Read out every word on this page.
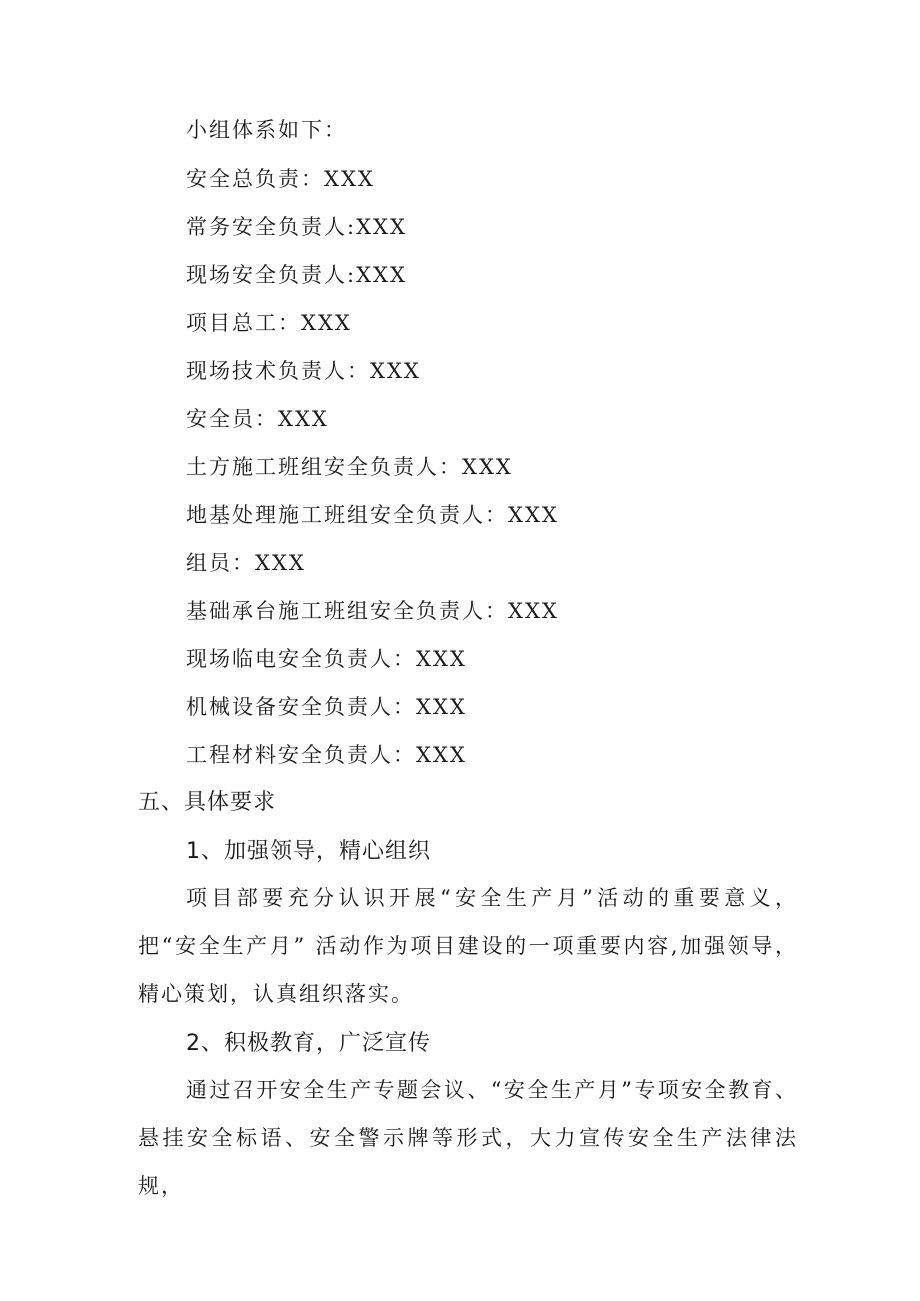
小组体系如下：
安全总负责：XXX
常务安全负责人:XXX
现场安全负责人:XXX
项目总工：XXX
现场技术负责人：XXX
安全员：XXX
土方施工班组安全负责人：XXX
地基处理施工班组安全负责人：XXX
组员：XXX
基础承台施工班组安全负责人：XXX
现场临电安全负责人：XXX
机械设备安全负责人：XXX
工程材料安全负责人：XXX
五、具体要求
1、加强领导，精心组织

项目部要充分认识开展“安全生产月”活动的重要意义，把“安全生产月” 活动作为项目建设的一项重要内容,加强领导，精心策划，认真组织落实。

2、积极教育，广泛宣传

通过召开安全生产专题会议、“安全生产月”专项安全教育、悬挂安全标语、安全警示牌等形式，大力宣传安全生产法律法规，
